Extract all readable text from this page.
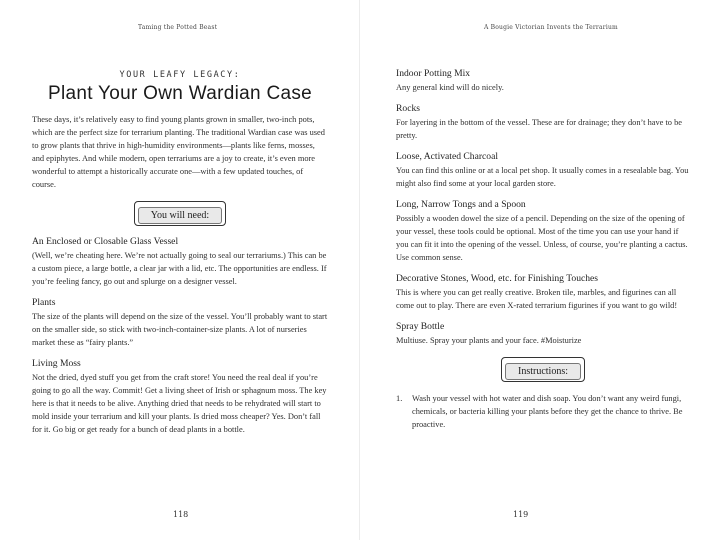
Taming the Potted Beast
YOUR LEAFY LEGACY:
Plant Your Own Wardian Case

These days, it’s relatively easy to find young plants grown in smaller, two-inch pots, which are the perfect size for terrarium planting. The traditional Wardian case was used to grow plants that thrive in high-humidity environments—plants like ferns, mosses, and epiphytes. And while modern, open terrariums are a joy to create, it’s even more wonderful to attempt a historically accurate one—with a few updated touches, of course.

You will need:
An Enclosed or Closable Glass Vessel

(Well, we’re cheating here. We’re not actually going to seal our terrariums.) This can be a custom piece, a large bottle, a clear jar with a lid, etc. The opportunities are endless. If you’re feeling fancy, go out and splurge on a designer vessel.

Plants

The size of the plants will depend on the size of the vessel. You’ll probably want to start on the smaller side, so stick with two-inch-container-size plants. A lot of nurseries market these as “fairy plants.”

Living Moss

Not the dried, dyed stuff you get from the craft store! You need the real deal if you’re going to go all the way. Commit! Get a living sheet of Irish or sphagnum moss. The key here is that it needs to be alive. Anything dried that needs to be rehydrated will start to mold inside your terrarium and kill your plants. Is dried moss cheaper? Yes. Don’t fall for it. Go big or get ready for a bunch of dead plants in a bottle.

118
A Bougie Victorian Invents the Terrarium
Indoor Potting Mix

Any general kind will do nicely.

Rocks

For layering in the bottom of the vessel. These are for drainage; they don’t have to be pretty.

Loose, Activated Charcoal

You can find this online or at a local pet shop. It usually comes in a resealable bag. You might also find some at your local garden store.

Long, Narrow Tongs and a Spoon

Possibly a wooden dowel the size of a pencil. Depending on the size of the opening of your vessel, these tools could be optional. Most of the time you can use your hand if you can fit it into the opening of the vessel. Unless, of course, you’re planting a cactus. Use common sense.

Decorative Stones, Wood, etc. for Finishing Touches

This is where you can get really creative. Broken tile, marbles, and figurines can all come out to play. There are even X-rated terrarium figurines if you want to go wild!

Spray Bottle

Multiuse. Spray your plants and your face. #Moisturize

Instructions:
1.	Wash your vessel with hot water and dish soap. You don’t want any weird fungi, chemicals, or bacteria killing your plants before they get the chance to thrive. Be proactive.
119
